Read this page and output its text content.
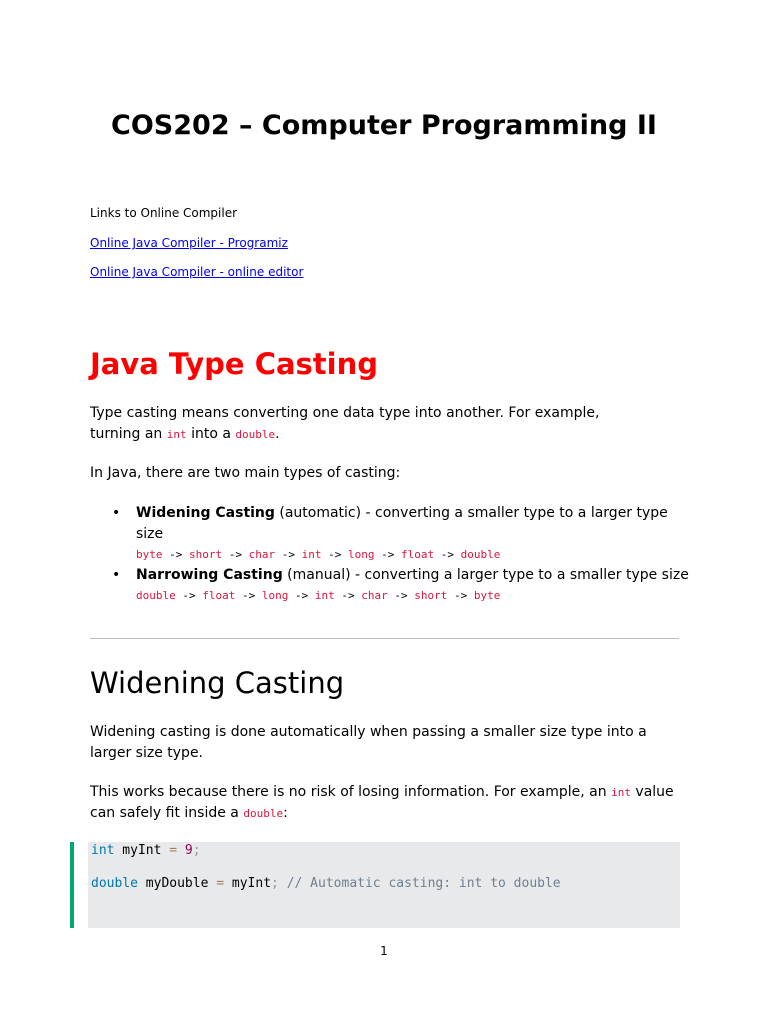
COS202 – Computer Programming II

Links to Online Compiler

Online Java Compiler - Programiz

Online Java Compiler - online editor

Java Type Casting

Type casting means converting one data type into another. For example, turning an int into a double.

In Java, there are two main types of casting:

• Widening Casting (automatic) - converting a smaller type to a larger type size
byte -> short -> char -> int -> long -> float -> double
• Narrowing Casting (manual) - converting a larger type to a smaller type size
double -> float -> long -> int -> char -> short -> byte
Widening Casting

Widening casting is done automatically when passing a smaller size type into a larger size type.

This works because there is no risk of losing information. For example, an int value can safely fit inside a double:

int myInt = 9;

double myDouble = myInt; // Automatic casting: int to double

1
